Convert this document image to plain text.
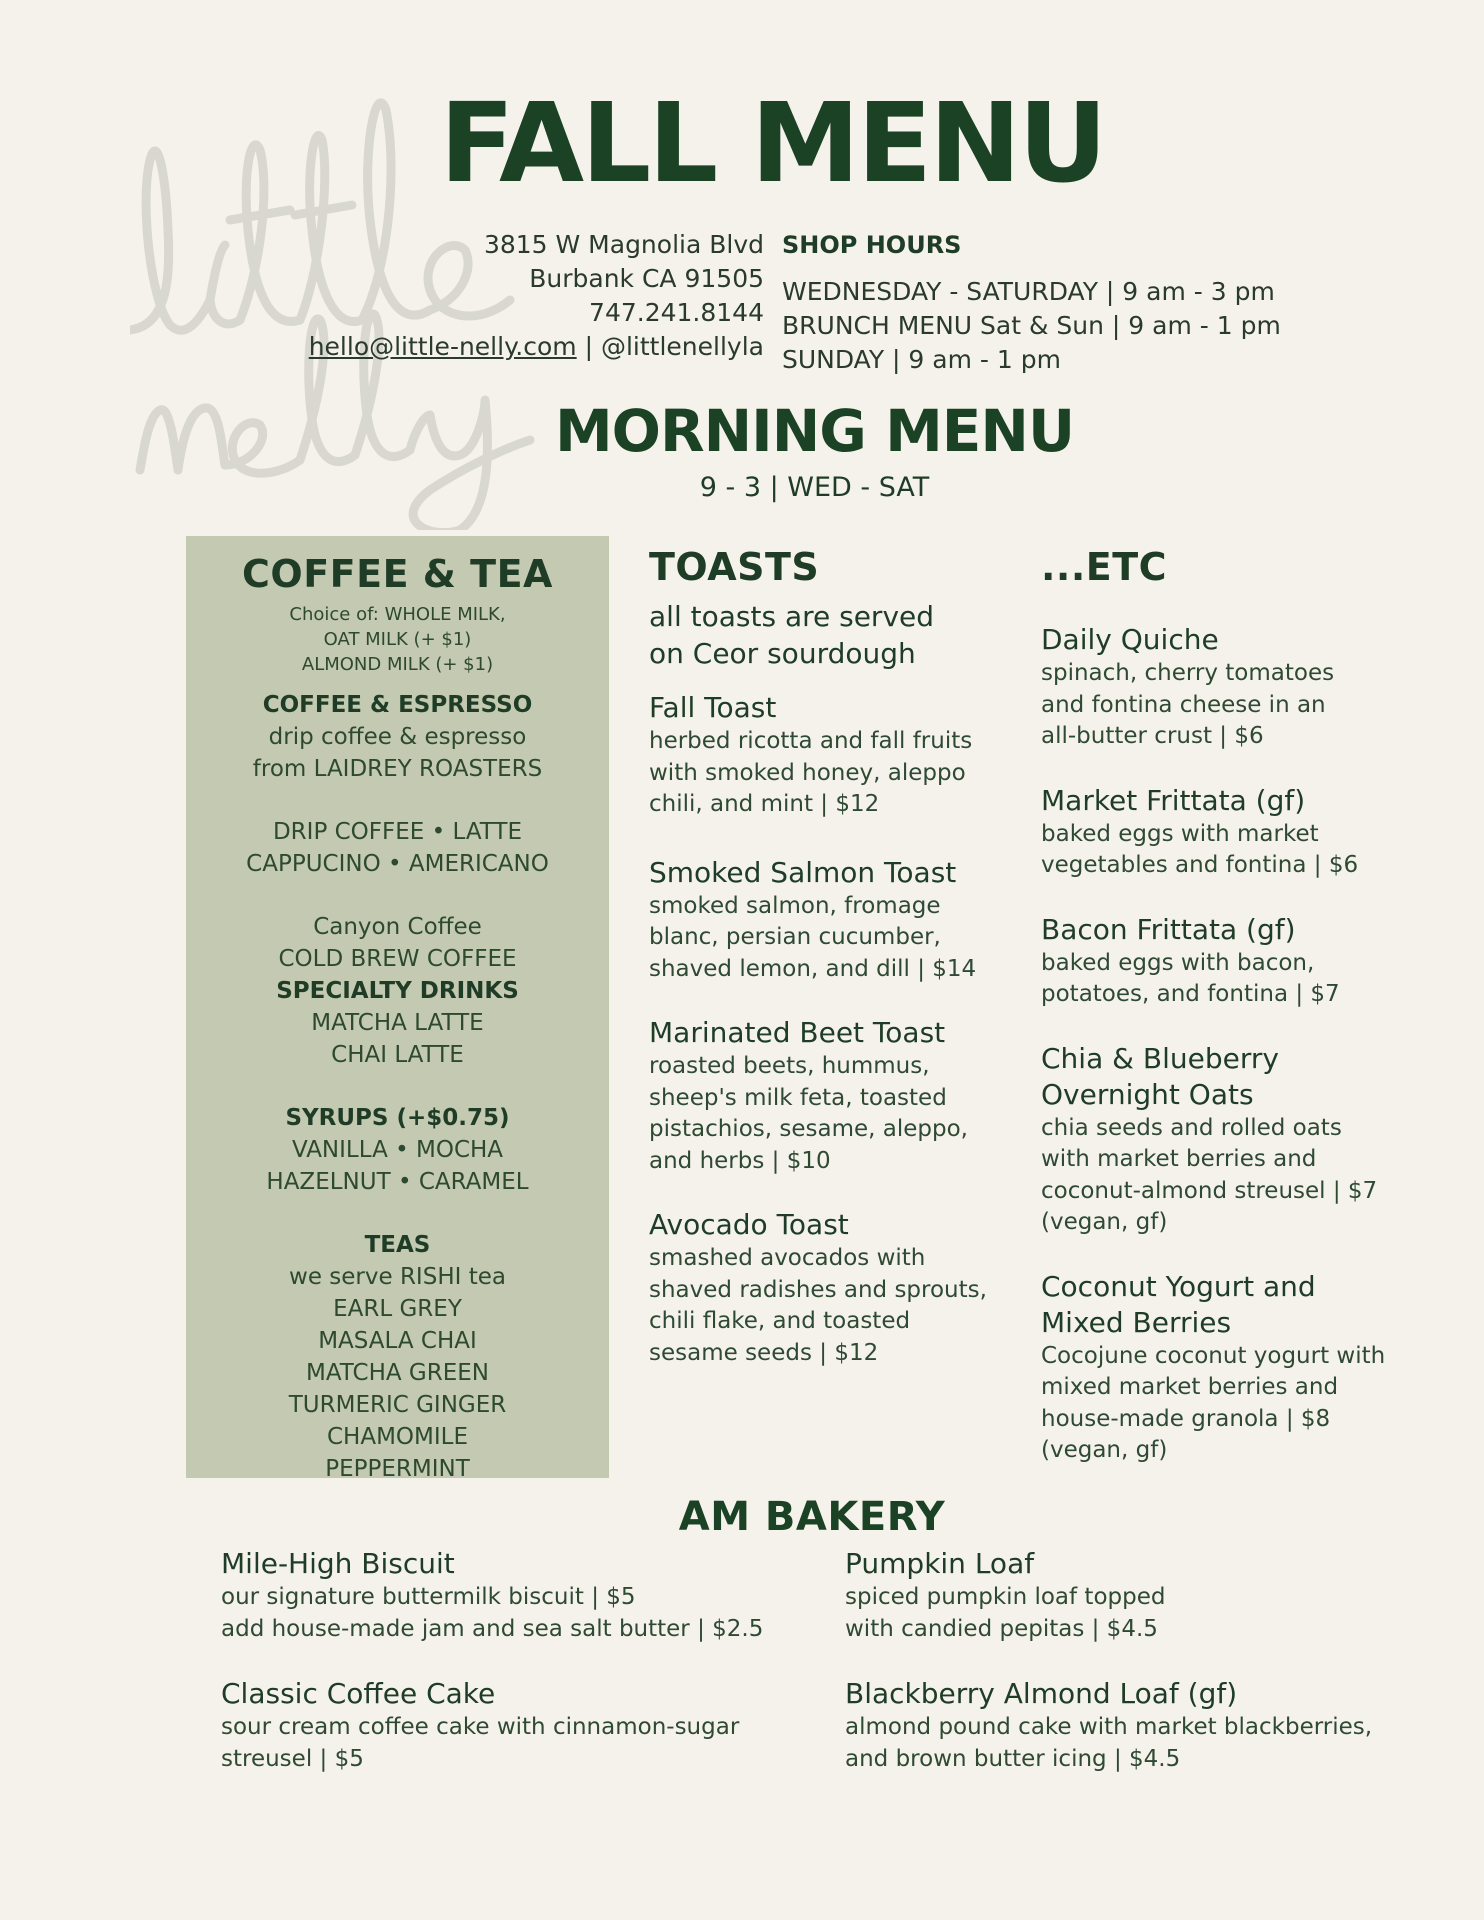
FALL MENU
3815 W Magnolia Blvd
Burbank CA 91505
747.241.8144
hello@little-nelly.com | @littlenellyla
SHOP HOURS
WEDNESDAY - SATURDAY | 9 am - 3 pm
BRUNCH MENU Sat & Sun | 9 am - 1 pm
SUNDAY | 9 am - 1 pm
MORNING MENU
9 - 3 | WED - SAT
COFFEE & TEA
Choice of: WHOLE MILK,
OAT MILK (+ $1)
ALMOND MILK (+ $1)
COFFEE & ESPRESSO
drip coffee & espresso
from LAIDREY ROASTERS
DRIP COFFEE • LATTE
CAPPUCINO • AMERICANO
Canyon Coffee
COLD BREW COFFEE
SPECIALTY DRINKS
MATCHA LATTE
CHAI LATTE
SYRUPS (+$0.75)
VANILLA • MOCHA
HAZELNUT • CARAMEL
TEAS
we serve RISHI tea
EARL GREY
MASALA CHAI
MATCHA GREEN
TURMERIC GINGER
CHAMOMILE
PEPPERMINT
TOASTS
all toasts are served
on Ceor sourdough
Fall Toast
herbed ricotta and fall fruits
with smoked honey, aleppo
chili, and mint | $12
Smoked Salmon Toast
smoked salmon, fromage
blanc, persian cucumber,
shaved lemon, and dill | $14
Marinated Beet Toast
roasted beets, hummus,
sheep's milk feta, toasted
pistachios, sesame, aleppo,
and herbs | $10
Avocado Toast
smashed avocados with
shaved radishes and sprouts,
chili flake, and toasted
sesame seeds | $12
...ETC
Daily Quiche
spinach, cherry tomatoes
and fontina cheese in an
all-butter crust | $6
Market Frittata (gf)
baked eggs with market
vegetables and fontina | $6
Bacon Frittata (gf)
baked eggs with bacon,
potatoes, and fontina | $7
Chia & Blueberry
Overnight Oats
chia seeds and rolled oats
with market berries and
coconut-almond streusel | $7
(vegan, gf)
Coconut Yogurt and
Mixed Berries
Cocojune coconut yogurt with
mixed market berries and
house-made granola | $8
(vegan, gf)
AM BAKERY
Mile-High Biscuit
our signature buttermilk biscuit | $5
add house-made jam and sea salt butter | $2.5
Pumpkin Loaf
spiced pumpkin loaf topped
with candied pepitas | $4.5
Classic Coffee Cake
sour cream coffee cake with cinnamon-sugar
streusel | $5
Blackberry Almond Loaf (gf)
almond pound cake with market blackberries,
and brown butter icing | $4.5
